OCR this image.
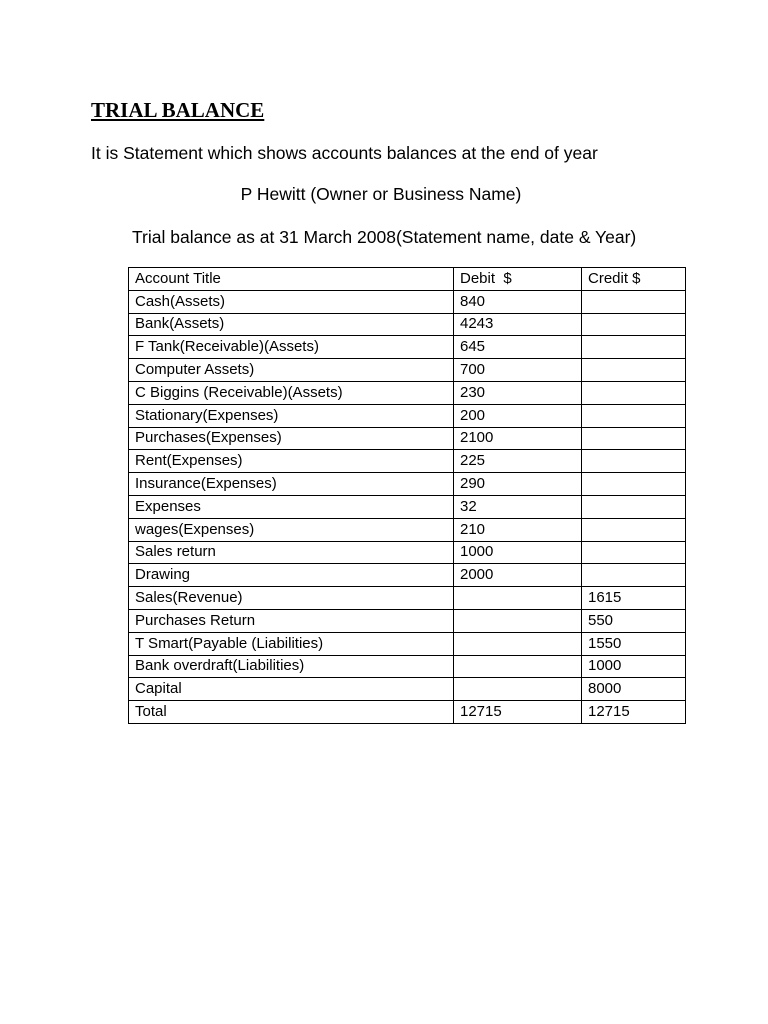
TRIAL BALANCE
It is Statement which shows accounts balances at the end of year
P Hewitt (Owner or Business Name)
Trial balance as at 31 March 2008(Statement name, date & Year)
Account Title	Debit  $	Credit $
Cash(Assets)	840	
Bank(Assets)	4243	
F Tank(Receivable)(Assets)	645	
Computer Assets)	700	
C Biggins (Receivable)(Assets)	230	
Stationary(Expenses)	200	
Purchases(Expenses)	2100	
Rent(Expenses)	225	
Insurance(Expenses)	290	
Expenses	32	
wages(Expenses)	210	
Sales return	1000	
Drawing	2000	
Sales(Revenue)		1615
Purchases Return		550
T Smart(Payable (Liabilities)		1550
Bank overdraft(Liabilities)		1000
Capital		8000
Total	12715	12715
